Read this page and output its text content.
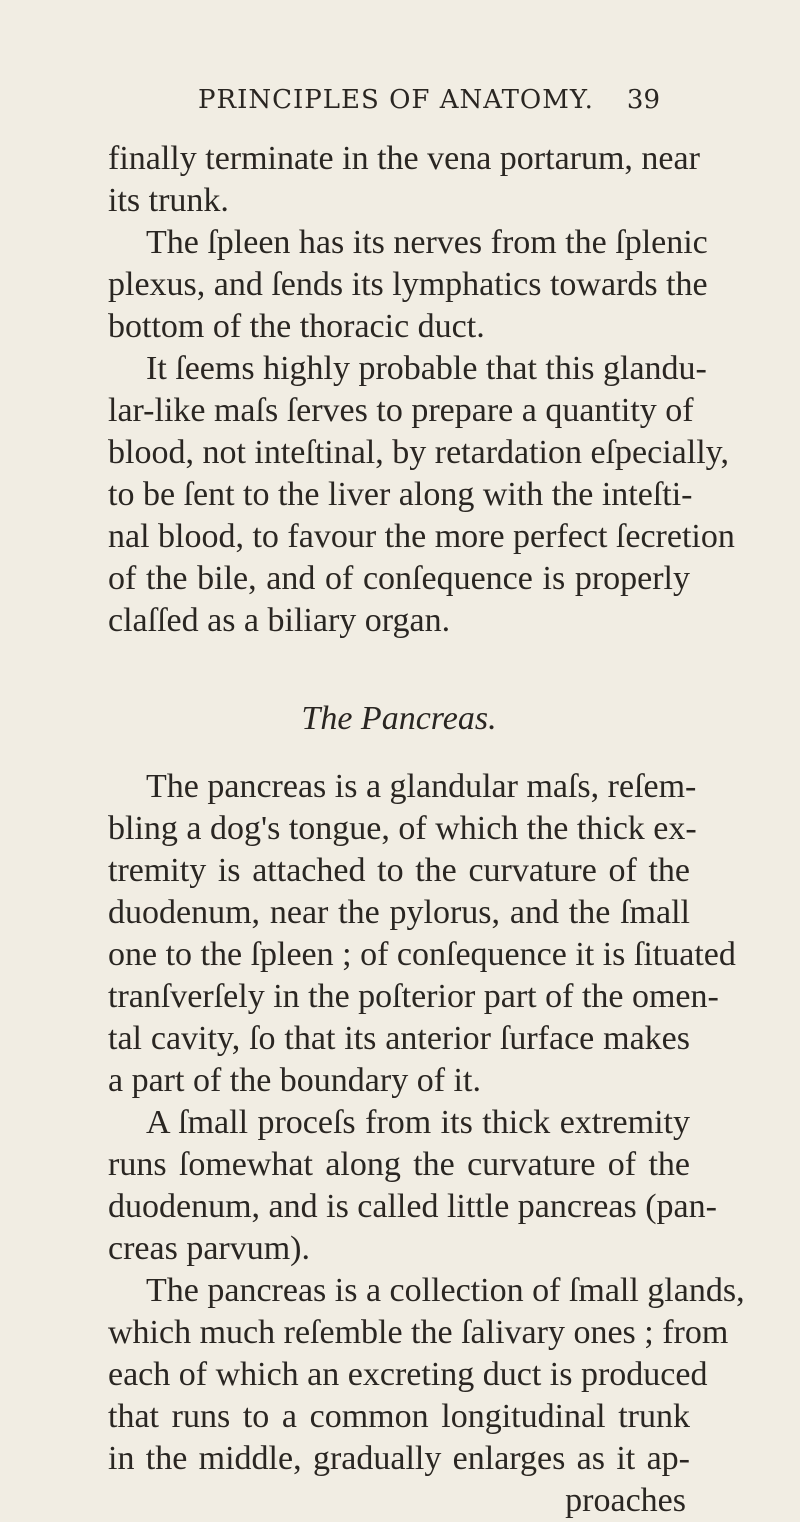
PRINCIPLES OF ANATOMY. 39
finally terminate in the vena portarum, near
its trunk.
The ſpleen has its nerves from the ſplenic
plexus, and ſends its lymphatics towards the
bottom of the thoracic duct.
It ſeems highly probable that this glandu-
lar-like maſs ſerves to prepare a quantity of
blood, not inteſtinal, by retardation eſpecially,
to be ſent to the liver along with the inteſti-
nal blood, to favour the more perfect ſecretion
of the bile, and of conſequence is properly
claſſed as a biliary organ.
The Pancreas.
The pancreas is a glandular maſs, reſem-
bling a dog's tongue, of which the thick ex-
tremity is attached to the curvature of the
duodenum, near the pylorus, and the ſmall
one to the ſpleen ; of conſequence it is ſituated
tranſverſely in the poſterior part of the omen-
tal cavity, ſo that its anterior ſurface makes
a part of the boundary of it.
A ſmall proceſs from its thick extremity
runs ſomewhat along the curvature of the
duodenum, and is called little pancreas (pan-
creas parvum).
The pancreas is a collection of ſmall glands,
which much reſemble the ſalivary ones ; from
each of which an excreting duct is produced
that runs to a common longitudinal trunk
in the middle, gradually enlarges as it ap-
proaches
